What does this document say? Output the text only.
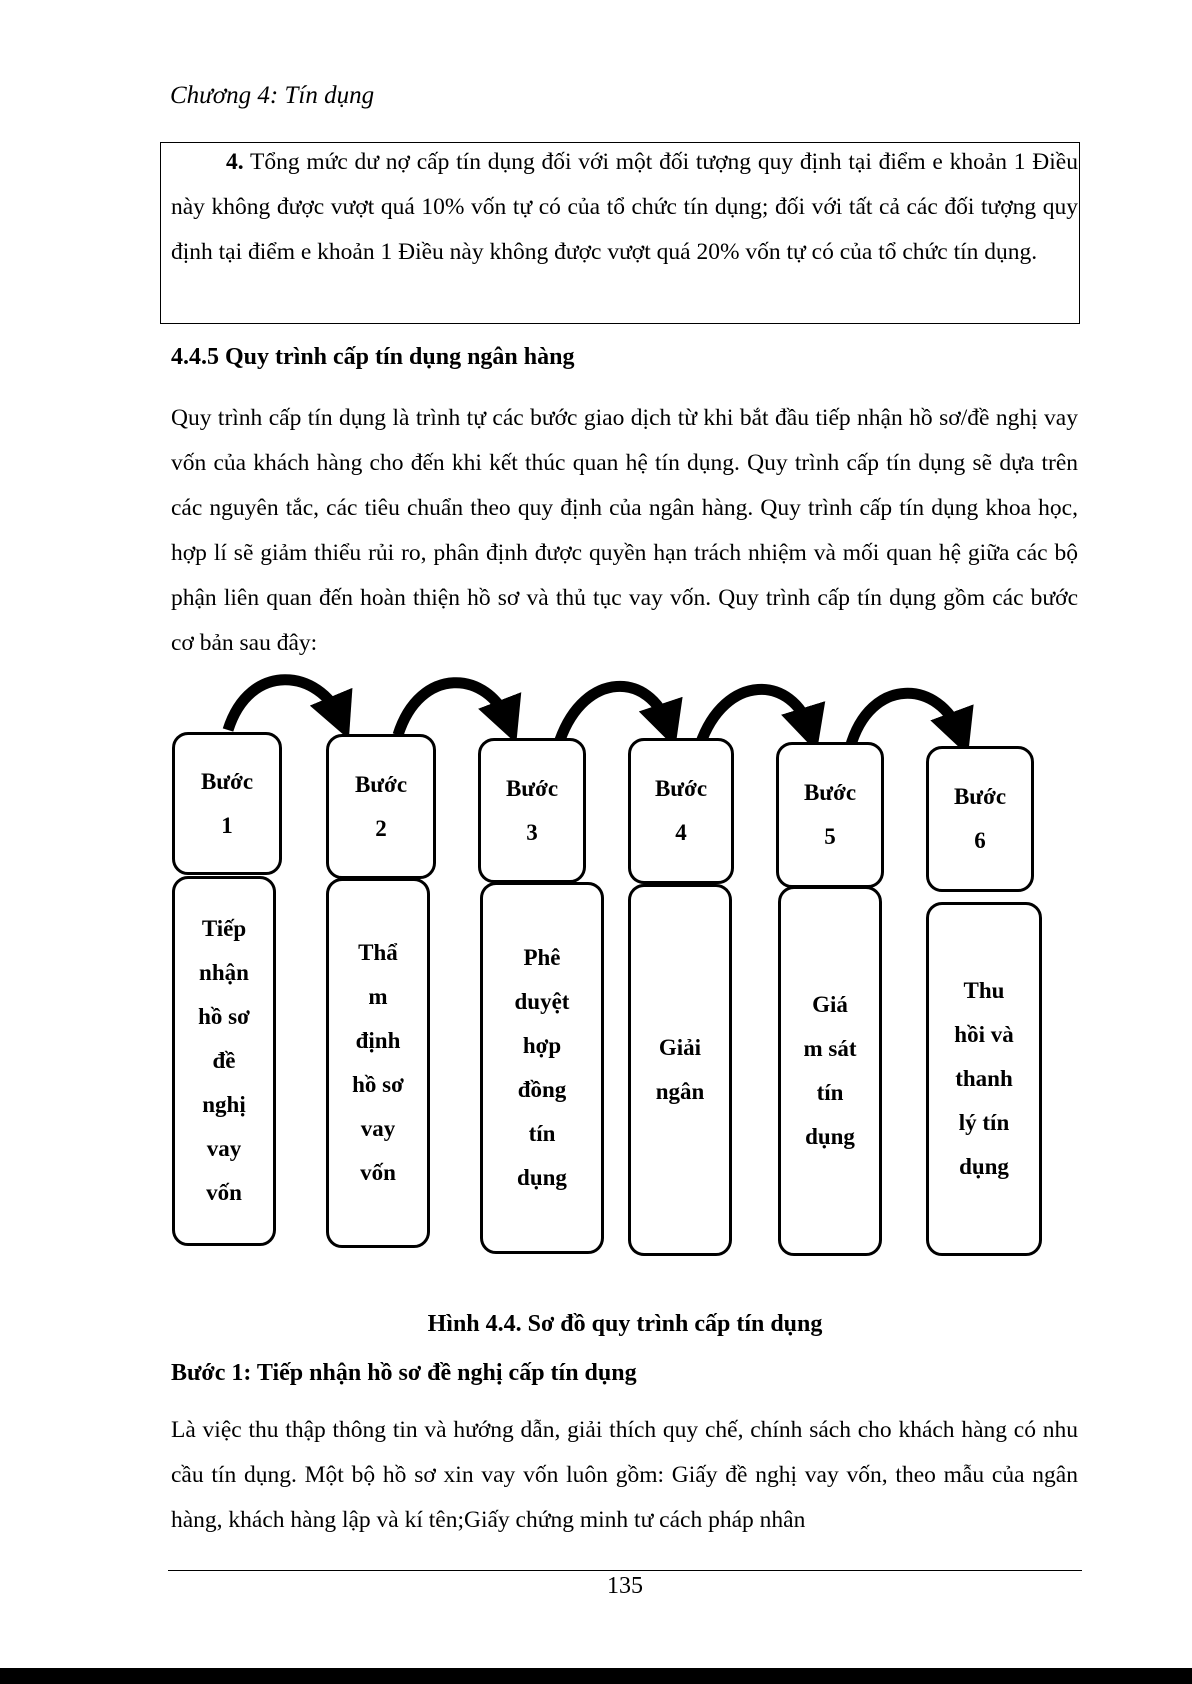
Chương 4: Tín dụng
4. Tổng mức dư nợ cấp tín dụng đối với một đối tượng quy định tại điểm e khoản 1 Điều này không được vượt quá 10% vốn tự có của tổ chức tín dụng; đối với tất cả các đối tượng quy định tại điểm e khoản 1 Điều này không được vượt quá 20% vốn tự có của tổ chức tín dụng.
4.4.5 Quy trình cấp tín dụng ngân hàng
Quy trình cấp tín dụng là trình tự các bước giao dịch từ khi bắt đầu tiếp nhận hồ sơ/đề nghị vay vốn của khách hàng cho đến khi kết thúc quan hệ tín dụng. Quy trình cấp tín dụng sẽ dựa trên các nguyên tắc, các tiêu chuẩn theo quy định của ngân hàng. Quy trình cấp tín dụng khoa học, hợp lí sẽ giảm thiểu rủi ro, phân định được quyền hạn trách nhiệm và mối quan hệ giữa các bộ phận liên quan đến hoàn thiện hồ sơ và thủ tục vay vốn. Quy trình cấp tín dụng gồm các bước cơ bản sau đây:
Bước
1
Tiếp
nhận
hồ sơ
đề
nghị
vay
vốn
Bước
2
Thẩ
m
định
hồ sơ
vay
vốn
Bước
3
Phê
duyệt
hợp
đồng
tín
dụng
Bước
4
Giải
ngân
Bước
5
Giá
m sát
tín
dụng
Bước
6
Thu
hồi và
thanh
lý tín
dụng
Hình 4.4. Sơ đồ quy trình cấp tín dụng
Bước 1: Tiếp nhận hồ sơ đề nghị cấp tín dụng
Là việc thu thập thông tin và hướng dẫn, giải thích quy chế, chính sách cho khách hàng có nhu cầu tín dụng. Một bộ hồ sơ xin vay vốn luôn gồm: Giấy đề nghị vay vốn, theo mẫu của ngân hàng, khách hàng lập và kí tên;Giấy chứng minh tư cách pháp nhân
135
